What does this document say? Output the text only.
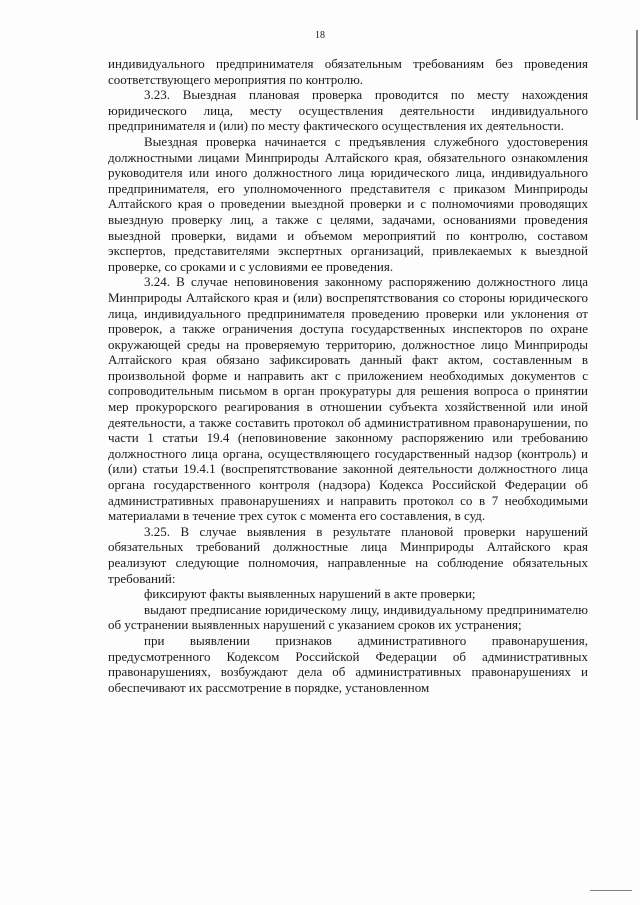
18

индивидуального предпринимателя обязательным требованиям без проведения соответствующего мероприятия по контролю.

3.23. Выездная плановая проверка проводится по месту нахождения юридического лица, месту осуществления деятельности индивидуального предпринимателя и (или) по месту фактического осуществления их деятельности.

Выездная проверка начинается с предъявления служебного удостоверения должностными лицами Минприроды Алтайского края, обязательного ознакомления руководителя или иного должностного лица юридического лица, индивидуального предпринимателя, его уполномоченного представителя с приказом Минприроды Алтайского края о проведении выездной проверки и с полномочиями проводящих выездную проверку лиц, а также с целями, задачами, основаниями проведения выездной проверки, видами и объемом мероприятий по контролю, составом экспертов, представителями экспертных организаций, привлекаемых к выездной проверке, со сроками и с условиями ее проведения.

3.24. В случае неповиновения законному распоряжению должностного лица Минприроды Алтайского края и (или) воспрепятствования со стороны юридического лица, индивидуального предпринимателя проведению проверки или уклонения от проверок, а также ограничения доступа государственных инспекторов по охране окружающей среды на проверяемую территорию, должностное лицо Минприроды Алтайского края обязано зафиксировать данный факт актом, составленным в произвольной форме и направить акт с приложением необходимых документов с сопроводительным письмом в орган прокуратуры для решения вопроса о принятии мер прокурорского реагирования в отношении субъекта хозяйственной или иной деятельности, а также составить протокол об административном правонарушении, по части 1 статьи 19.4 (неповиновение законному распоряжению или требованию должностного лица органа, осуществляющего государственный надзор (контроль) и (или) статьи 19.4.1 (воспрепятствование законной деятельности должностного лица органа государственного контроля (надзора) Кодекса Российской Федерации об административных правонарушениях и направить протокол со в 7 необходимыми материалами в течение трех суток с момента его составления, в суд.

3.25. В случае выявления в результате плановой проверки нарушений обязательных требований должностные лица Минприроды Алтайского края реализуют следующие полномочия, направленные на соблюдение обязательных требований:

фиксируют факты выявленных нарушений в акте проверки;

выдают предписание юридическому лицу, индивидуальному предпринимателю об устранении выявленных нарушений с указанием сроков их устранения;

при выявлении признаков административного правонарушения, предусмотренного Кодексом Российской Федерации об административных правонарушениях, возбуждают дела об административных правонарушениях и обеспечивают их рассмотрение в порядке, установленном
